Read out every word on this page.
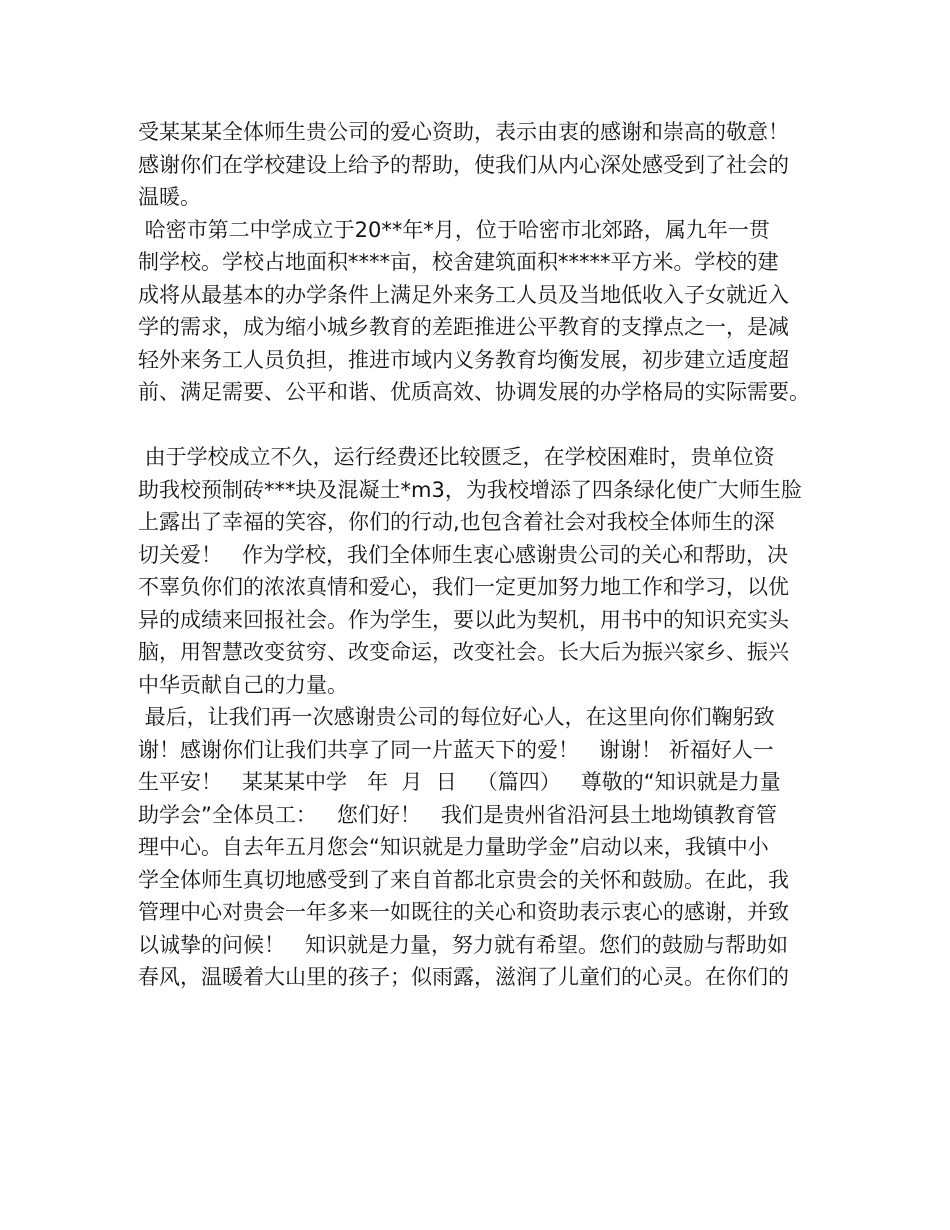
受某某某全体师生贵公司的爱心资助，表示由衷的感谢和崇高的敬意！
感谢你们在学校建设上给予的帮助，使我们从内心深处感受到了社会的
温暖。
哈密市第二中学成立于20**年*月，位于哈密市北郊路，属九年一贯
制学校。学校占地面积****亩，校舍建筑面积*****平方米。学校的建
成将从最基本的办学条件上满足外来务工人员及当地低收入子女就近入
学的需求，成为缩小城乡教育的差距推进公平教育的支撑点之一，是减
轻外来务工人员负担，推进市域内义务教育均衡发展，初步建立适度超
前、满足需要、公平和谐、优质高效、协调发展的办学格局的实际需要。
由于学校成立不久，运行经费还比较匮乏，在学校困难时，贵单位资
助我校预制砖***块及混凝土*m3，为我校增添了四条绿化使广大师生脸
上露出了幸福的笑容，你们的行动,也包含着社会对我校全体师生的深
切关爱！   作为学校，我们全体师生衷心感谢贵公司的关心和帮助，决
不辜负你们的浓浓真情和爱心，我们一定更加努力地工作和学习，以优
异的成绩来回报社会。作为学生，要以此为契机，用书中的知识充实头
脑，用智慧改变贫穷、改变命运，改变社会。长大后为振兴家乡、振兴
中华贡献自己的力量。
最后，让我们再一次感谢贵公司的每位好心人，在这里向你们鞠躬致
谢！感谢你们让我们共享了同一片蓝天下的爱！   谢谢！ 祈福好人一
生平安！   某某某中学   年  月  日   （篇四）   尊敬的“知识就是力量
助学会”全体员工：   您们好！   我们是贵州省沿河县土地坳镇教育管
理中心。自去年五月您会“知识就是力量助学金”启动以来，我镇中小
学全体师生真切地感受到了来自首都北京贵会的关怀和鼓励。在此，我
管理中心对贵会一年多来一如既往的关心和资助表示衷心的感谢，并致
以诚挚的问候！   知识就是力量，努力就有希望。您们的鼓励与帮助如
春风，温暖着大山里的孩子；似雨露，滋润了儿童们的心灵。在你们的
